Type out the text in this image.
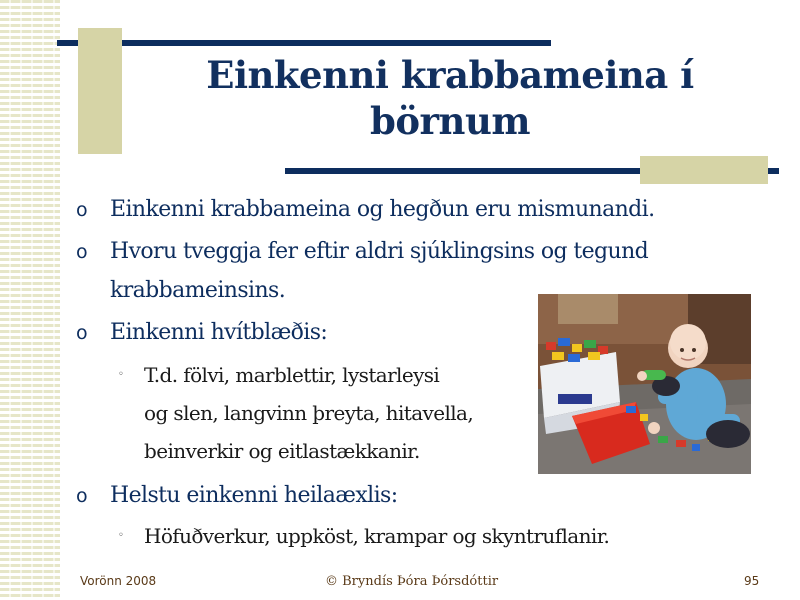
Einkenni krabbameina í börnum
o Einkenni krabbameina og hegðun eru mismunandi.
o Hvoru tveggja fer eftir aldri sjúklingsins og tegund
krabbameinsins.
o Einkenni hvítblæðis:
◦ T.d. fölvi, marblettir, lystarleysi
og slen, langvinn þreyta, hitavella,
beinverkir og eitlastækkanir.
o Helstu einkenni heilaæxlis:
◦ Höfuðverkur, uppköst, krampar og skyntruflanir.
Vorönn 2008	© Bryndís Þóra Þórsdóttir	95
